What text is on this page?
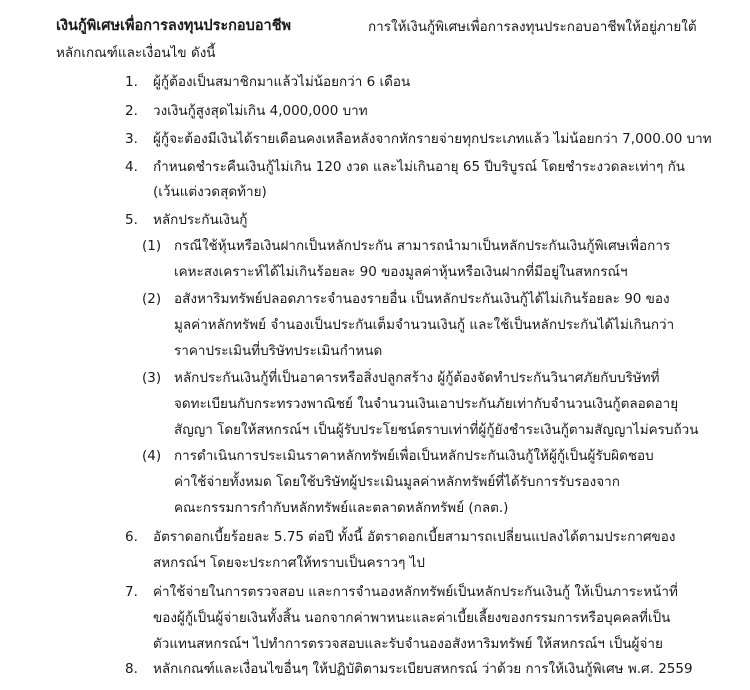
เงินกู้พิเศษเพื่อการลงทุนประกอบอาชีพ	การให้เงินกู้พิเศษเพื่อการลงทุนประกอบอาชีพให้อยู่ภายใต้
หลักเกณฑ์และเงื่อนไข ดังนี้
1. ผู้กู้ต้องเป็นสมาชิกมาแล้วไม่น้อยกว่า 6 เดือน
2. วงเงินกู้สูงสุดไม่เกิน 4,000,000 บาท
3. ผู้กู้จะต้องมีเงินได้รายเดือนคงเหลือหลังจากหักรายจ่ายทุกประเภทแล้ว ไม่น้อยกว่า 7,000.00 บาท
4. กำหนดชำระคืนเงินกู้ไม่เกิน 120 งวด และไม่เกินอายุ 65 ปีบริบูรณ์ โดยชำระงวดละเท่าๆ กัน
(เว้นแต่งวดสุดท้าย)
5. หลักประกันเงินกู้
(1) กรณีใช้หุ้นหรือเงินฝากเป็นหลักประกัน สามารถนำมาเป็นหลักประกันเงินกู้พิเศษเพื่อการ
เคหะสงเคราะห์ได้ไม่เกินร้อยละ 90 ของมูลค่าหุ้นหรือเงินฝากที่มีอยู่ในสหกรณ์ฯ
(2) อสังหาริมทรัพย์ปลอดภาระจำนองรายอื่น เป็นหลักประกันเงินกู้ได้ไม่เกินร้อยละ 90 ของ
มูลค่าหลักทรัพย์ จำนองเป็นประกันเต็มจำนวนเงินกู้ และใช้เป็นหลักประกันได้ไม่เกินกว่า
ราคาประเมินที่บริษัทประเมินกำหนด
(3) หลักประกันเงินกู้ที่เป็นอาคารหรือสิ่งปลูกสร้าง ผู้กู้ต้องจัดทำประกันวินาศภัยกับบริษัทที่
จดทะเบียนกับกระทรวงพาณิชย์ ในจำนวนเงินเอาประกันภัยเท่ากับจำนวนเงินกู้ตลอดอายุ
สัญญา โดยให้สหกรณ์ฯ เป็นผู้รับประโยชน์ตราบเท่าที่ผู้กู้ยังชำระเงินกู้ตามสัญญาไม่ครบถ้วน
(4) การดำเนินการประเมินราคาหลักทรัพย์เพื่อเป็นหลักประกันเงินกู้ให้ผู้กู้เป็นผู้รับผิดชอบ
ค่าใช้จ่ายทั้งหมด โดยใช้บริษัทผู้ประเมินมูลค่าหลักทรัพย์ที่ได้รับการรับรองจาก
คณะกรรมการกำกับหลักทรัพย์และตลาดหลักทรัพย์ (กลต.)
6. อัตราดอกเบี้ยร้อยละ 5.75 ต่อปี ทั้งนี้ อัตราดอกเบี้ยสามารถเปลี่ยนแปลงได้ตามประกาศของ
สหกรณ์ฯ โดยจะประกาศให้ทราบเป็นคราวๆ ไป
7. ค่าใช้จ่ายในการตรวจสอบ และการจำนองหลักทรัพย์เป็นหลักประกันเงินกู้ ให้เป็นภาระหน้าที่
ของผู้กู้เป็นผู้จ่ายเงินทั้งสิ้น นอกจากค่าพาหนะและค่าเบี้ยเลี้ยงของกรรมการหรือบุคคลที่เป็น
ตัวแทนสหกรณ์ฯ ไปทำการตรวจสอบและรับจำนองอสังหาริมทรัพย์ ให้สหกรณ์ฯ เป็นผู้จ่าย
8. หลักเกณฑ์และเงื่อนไขอื่นๆ ให้ปฏิบัติตามระเบียบสหกรณ์ ว่าด้วย การให้เงินกู้พิเศษ พ.ศ. 2559
